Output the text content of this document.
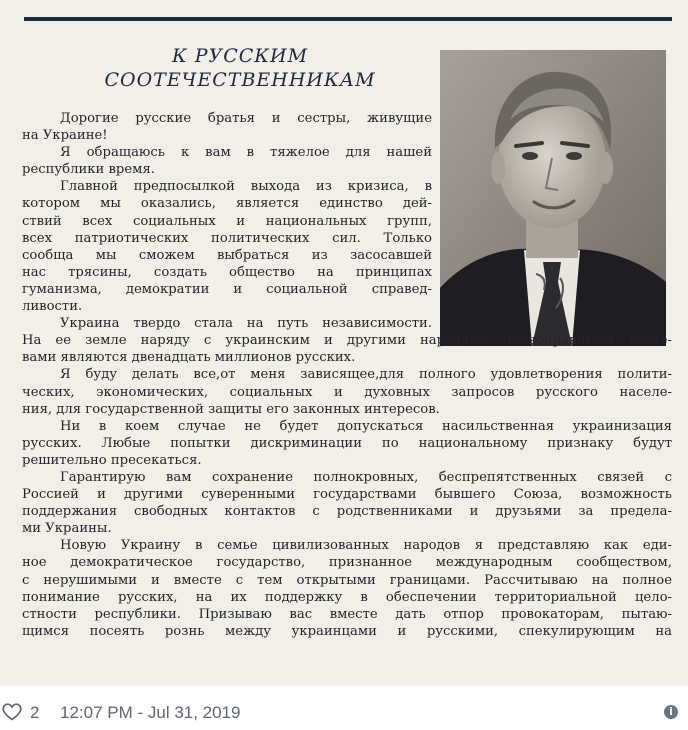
К РУССКИМ
СООТЕЧЕСТВЕННИКАМ
Дорогие русские братья и сестры, живущие
на Украине!
Я обращаюсь к вам в тяжелое для нашей
республики время.
Главной предпосылкой выхода из кризиса, в
котором мы оказались, является единство дей-
ствий всех социальных и национальных групп,
всех патриотических политических сил. Только
сообща мы сможем выбраться из засосавшей
нас трясины, создать общество на принципах
гуманизма, демократии и социальной справед-
ливости.
Украина твердо стала на путь независимости.
На ее земле наряду с украинским и другими народами полноправными хозяе-
вами являются двенадцать миллионов русских.
Я буду делать все,от меня зависящее,для полного удовлетворения полити-
ческих, экономических, социальных и духовных запросов русского населе-
ния, для государственной защиты его законных интересов.
Ни в коем случае не будет допускаться насильственная украинизация
русских. Любые попытки дискриминации по национальному признаку будут
решительно пресекаться.
Гарантирую вам сохранение полнокровных, беспрепятственных связей с
Россией и другими суверенными государствами бывшего Союза, возможность
поддержания свободных контактов с родственниками и друзьями за предела-
ми Украины.
Новую Украину в семье цивилизованных народов я представляю как еди-
ное демократическое государство, признанное международным сообществом,
с нерушимыми и вместе с тем открытыми границами. Рассчитываю на полное
понимание русских, на их поддержку в обеспечении территориальной цело-
стности республики. Призываю вас вместе дать отпор провокаторам, пытаю-
щимся посеять рознь между украинцами и русскими, спекулирующим на
2 12:07 PM - Jul 31, 2019	i
